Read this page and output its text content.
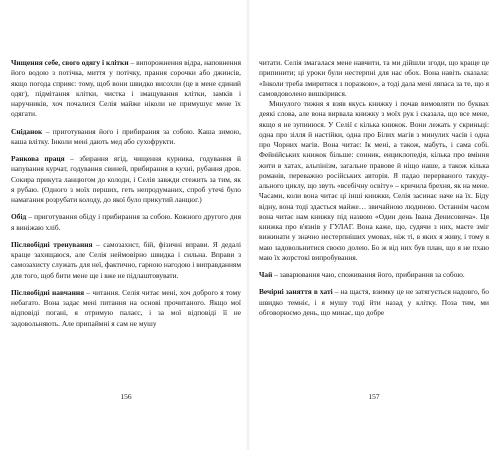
Чищення себе, свого одягу і клітки – випорожнення відра, наповнення його водою з потічка, миття у потічку, прання сорочки або джинсів, якщо погода сприяє: тому, щоб вони швидко висохли (це в мене єдиний одяг), підмітання клітки, чистка і змащування клітки, замків і наручників, хоч почалися Селія майже ніколи не примушує мене їх одягати.

Сніданок – приготування його і прибирання за собою. Каша зимою, каша влітку. Інколи мені дають мед або сухофрукти.

Ранкова праця – збирання ягід, чищення курника, годування й напування курчат, годування свиней, прибирання в кухні, рубання дров. Сокира прикута ланцюгом до колоди, і Селія завжди стежить за тим, як я рубаю. (Одного з моїх перших, геть непродуманих, спроб утечі було намагання розрубати колоду, до якої було прикутий ланцюг.)

Обід – приготування обіду і прибирання за собою. Кожного другого дня я виніжаю хліб.

Післяобідні тренування – самозахист, бій, фізичні вправи. Я дедалі краще захищаюся, але Селія неймовірно швидка і сильна. Вправи з самозахисту служать для неї, фактично, гарною нагодою і виправданням для того, щоб бити мене ще і вже не підлаштовувати.

Післяобідні навчання – читання. Селія читає мені, хоч доброго я тому небагато. Вона задає мені питання на основі прочитаного. Якщо мої відповіді погані, я отримую палаєс, і за мої відповіді її не задовольняють. Але припаймні я сам не мушу

156

читати. Селія змагалася мене навчити, та ми дійшли згоди, що краще це припинити; ці уроки були нестерпні для нас обох. Вона навіть сказала: «Інколи треба змиритися з поразкою», а тоді дала мені ляпаса за те, що я самовдоволено вишкірився.

Минулого тижня я взяв якусь книжку і почав вимовляти по буквах деякі слова, але вона вирвала книжку з моїх рук і сказала, що все мене, якщо я не зупинюся. У Селії є кілька книжок. Вони лежать у скриньці: одна про зілля й настійки, одна про Білих магів з минулих часів і одна про Чорних магів. Вона читає: Ік мені, а також, мабуть, і сама собі. Фейнійських книжок більше: сонник, енциклопедія, кілька про вміння жити в хатах, альпінізм, загальне правове й ніщо наше, а також кілька романів, переважно російських авторів. Я падао перерваного такуду-ального циклу, що звуть «всебічну освіту» – кричила брехня, як на мене. Часами, коли вона читає ці інші книжки, Селія засинає наче на їх. Біду відну, вона тоді здасться майже… звичайною людиною. Останнім часом вона читає нам книжку під назвою «Один день Івана Денисовича». Ця книжка про в'язнів у ГУЛАГ. Вона каже, що, судячи з них, маєте зміг вижинати у значно нестерпніших умовах, ніж ті, в яких я живу, і тому я маю задовольнитися своєю долею. Бо ж від них був план, що я не пхаю маю їх жорстокі випробування.

Чай – заварювання чаю, споживання його, прибирання за собою.

Вечірні заняття в хаті – на щастя, взимку це не затягується надовго, бо швидко темніє, і я мушу тоді йти назад у клітку. Поза тим, ми обговорюємо день, що минає, що добре

157
